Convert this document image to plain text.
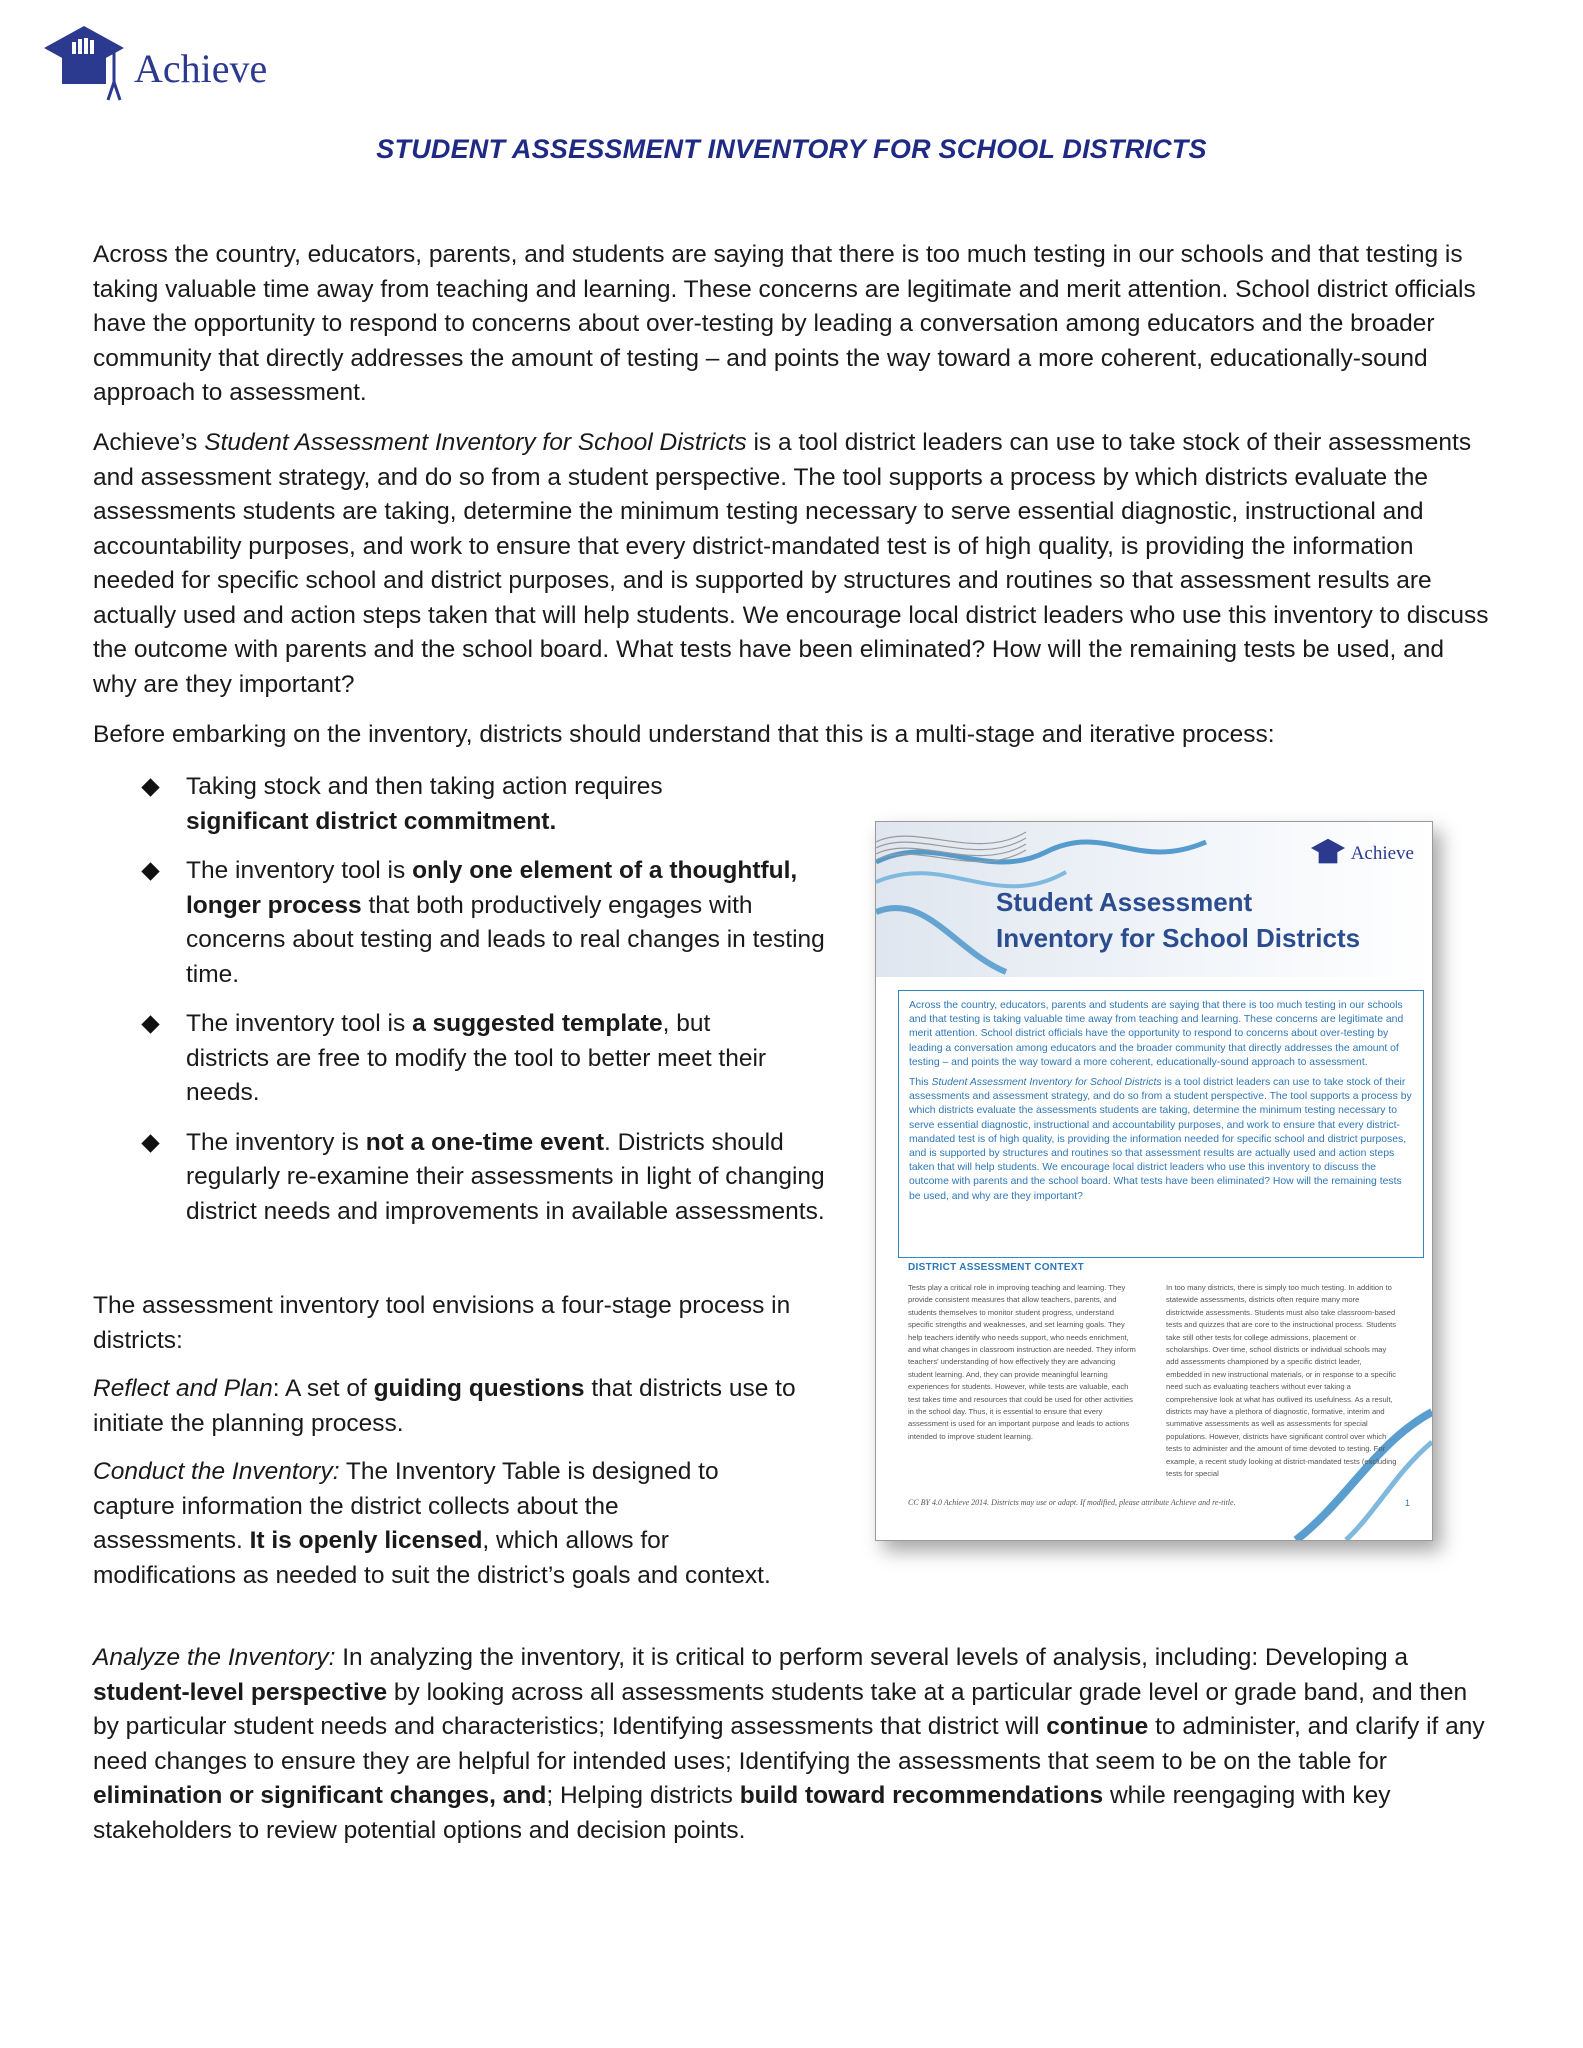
Achieve
STUDENT ASSESSMENT INVENTORY FOR SCHOOL DISTRICTS

Across the country, educators, parents, and students are saying that there is too much testing in our schools and that testing is taking valuable time away from teaching and learning. These concerns are legitimate and merit attention. School district officials have the opportunity to respond to concerns about over-testing by leading a conversation among educators and the broader community that directly addresses the amount of testing – and points the way toward a more coherent, educationally-sound approach to assessment.

Achieve’s Student Assessment Inventory for School Districts is a tool district leaders can use to take stock of their assessments and assessment strategy, and do so from a student perspective. The tool supports a process by which districts evaluate the assessments students are taking, determine the minimum testing necessary to serve essential diagnostic, instructional and accountability purposes, and work to ensure that every district-mandated test is of high quality, is providing the information needed for specific school and district purposes, and is supported by structures and routines so that assessment results are actually used and action steps taken that will help students. We encourage local district leaders who use this inventory to discuss the outcome with parents and the school board. What tests have been eliminated? How will the remaining tests be used, and why are they important?

Before embarking on the inventory, districts should understand that this is a multi-stage and iterative process:

Taking stock and then taking action requires significant district commitment.
The inventory tool is only one element of a thoughtful, longer process that both productively engages with concerns about testing and leads to real changes in testing time.
The inventory tool is a suggested template, but districts are free to modify the tool to better meet their needs.
The inventory is not a one-time event. Districts should regularly re-examine their assessments in light of changing district needs and improvements in available assessments.

The assessment inventory tool envisions a four-stage process in districts:

Reflect and Plan: A set of guiding questions that districts use to initiate the planning process.

Conduct the Inventory: The Inventory Table is designed to capture information the district collects about the assessments. It is openly licensed, which allows for modifications as needed to suit the district’s goals and context.

Analyze the Inventory: In analyzing the inventory, it is critical to perform several levels of analysis, including: Developing a student-level perspective by looking across all assessments students take at a particular grade level or grade band, and then by particular student needs and characteristics; Identifying assessments that district will continue to administer, and clarify if any need changes to ensure they are helpful for intended uses; Identifying the assessments that seem to be on the table for elimination or significant changes, and; Helping districts build toward recommendations while reengaging with key stakeholders to review potential options and decision points.

Achieve
Student Assessment
Inventory for School Districts

Across the country, educators, parents and students are saying that there is too much testing in our schools and that testing is taking valuable time away from teaching and learning. These concerns are legitimate and merit attention. School district officials have the opportunity to respond to concerns about over-testing by leading a conversation among educators and the broader community that directly addresses the amount of testing – and points the way toward a more coherent, educationally-sound approach to assessment.

This Student Assessment Inventory for School Districts is a tool district leaders can use to take stock of their assessments and assessment strategy, and do so from a student perspective. The tool supports a process by which districts evaluate the assessments students are taking, determine the minimum testing necessary to serve essential diagnostic, instructional and accountability purposes, and work to ensure that every district-mandated test is of high quality, is providing the information needed for specific school and district purposes, and is supported by structures and routines so that assessment results are actually used and action steps taken that will help students. We encourage local district leaders who use this inventory to discuss the outcome with parents and the school board. What tests have been eliminated? How will the remaining tests be used, and why are they important?

DISTRICT ASSESSMENT CONTEXT

Tests play a critical role in improving teaching and learning. They provide consistent measures that allow teachers, parents, and students themselves to monitor student progress, understand specific strengths and weaknesses, and set learning goals. They help teachers identify who needs support, who needs enrichment, and what changes in classroom instruction are needed. They inform teachers' understanding of how effectively they are advancing student learning. And, they can provide meaningful learning experiences for students. However, while tests are valuable, each test takes time and resources that could be used for other activities in the school day. Thus, it is essential to ensure that every assessment is used for an important purpose and leads to actions intended to improve student learning.

In too many districts, there is simply too much testing. In addition to statewide assessments, districts often require many more districtwide assessments. Students must also take classroom-based tests and quizzes that are core to the instructional process. Students take still other tests for college admissions, placement or scholarships. Over time, school districts or individual schools may add assessments championed by a specific district leader, embedded in new instructional materials, or in response to a specific need such as evaluating teachers without ever taking a comprehensive look at what has outlived its usefulness. As a result, districts may have a plethora of diagnostic, formative, interim and summative assessments as well as assessments for special populations. However, districts have significant control over which tests to administer and the amount of time devoted to testing. For example, a recent study looking at district-mandated tests (excluding tests for special

CC BY 4.0 Achieve 2014. Districts may use or adapt. If modified, please attribute Achieve and re-title.	1
